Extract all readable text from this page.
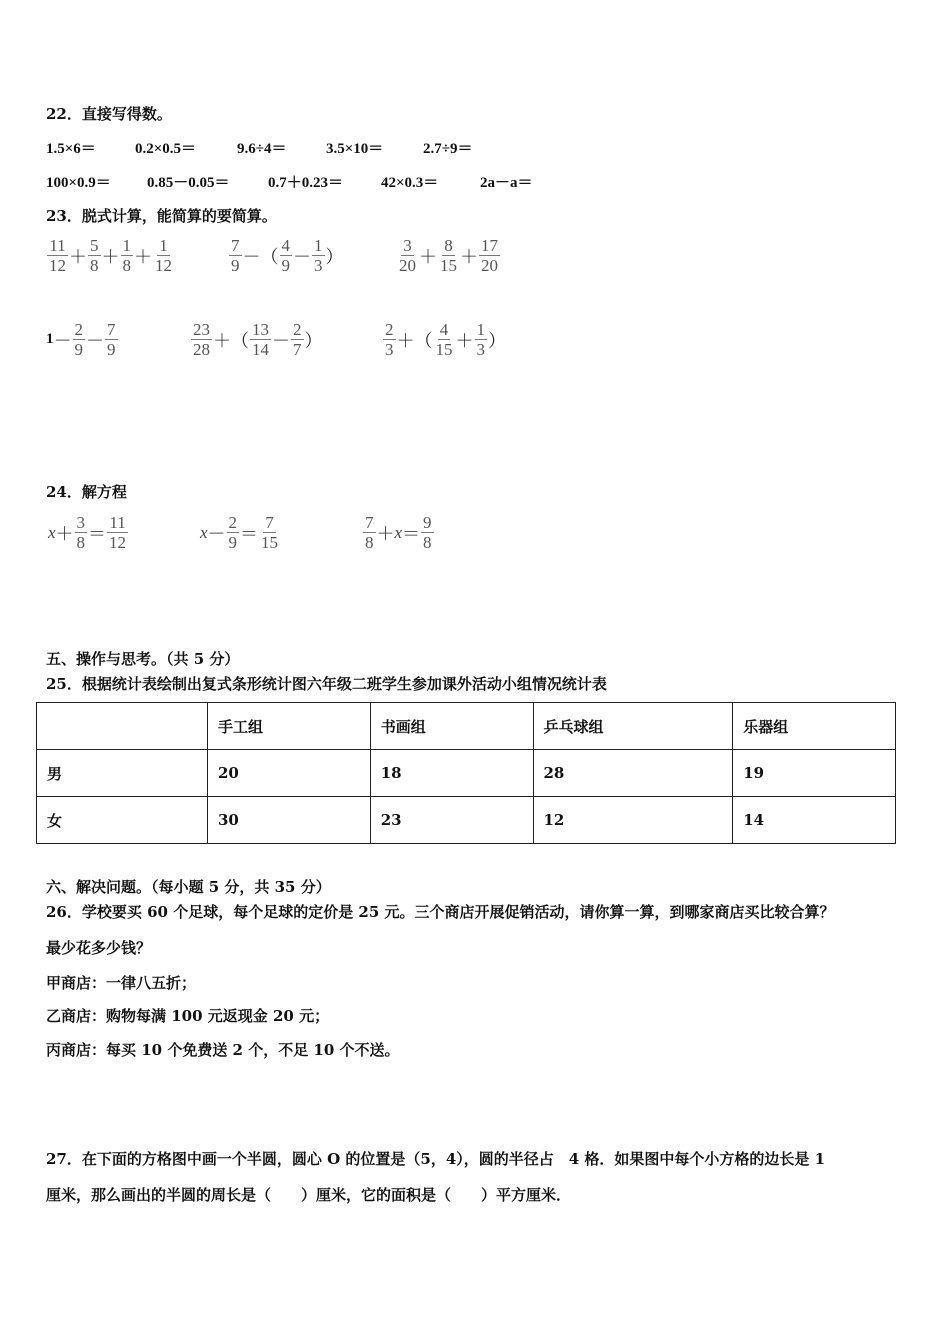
22．直接写得数。
1.5×6＝	0.2×0.5＝	9.6÷4＝	3.5×10＝	2.7÷9＝
100×0.9＝ 0.85－0.05＝	0.7＋0.23＝	42×0.3＝	2a－a＝
23．脱式计算，能简算的要简算。
$\frac{11}{12} + \frac{5}{8} + \frac{1}{8} + \frac{1}{12}$	$\frac{7}{9}$ －（ $\frac{4}{9} - \frac{1}{3}$ ）	$\frac{3}{20} + \frac{8}{15} + \frac{17}{20}$
$1 - \frac{2}{9} - \frac{7}{9}$	$\frac{23}{28}$ ＋（ $\frac{13}{14} - \frac{2}{7}$ ）	$\frac{2}{3}$ ＋（ $\frac{4}{15} + \frac{1}{3}$ ）
24．解方程
$x + \frac{3}{8} = \frac{11}{12}$	$x - \frac{2}{9} = \frac{7}{15}$	$\frac{7}{8} + x = \frac{9}{8}$
五、操作与思考。（共 5 分）
25．根据统计表绘制出复式条形统计图六年级二班学生参加课外活动小组情况统计表
	手工组	书画组	乒乓球组	乐器组
男	20	18	28	19
女	30	23	12	14
六、解决问题。（每小题 5 分，共 35 分）
26．学校要买 60 个足球，每个足球的定价是 25 元。三个商店开展促销活动，请你算一算，到哪家商店买比较合算？
最少花多少钱？
甲商店：一律八五折；
乙商店：购物每满 100 元返现金 20 元；
丙商店：每买 10 个免费送 2 个，不足 10 个不送。
27．在下面的方格图中画一个半圆，圆心 O 的位置是（5，4），圆的半径占　4 格．如果图中每个小方格的边长是 1
厘米，那么画出的半圆的周长是（　　）厘米，它的面积是（　　）平方厘米．
